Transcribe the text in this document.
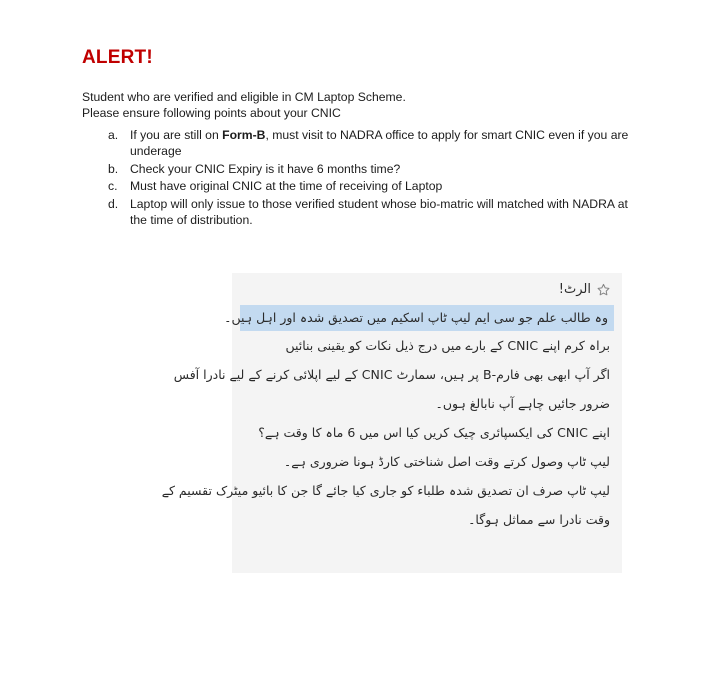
ALERT!

Student who are verified and eligible in CM Laptop Scheme.

Please ensure following points about your CNIC

a. If you are still on Form-B, must visit to NADRA office to apply for smart CNIC even if you are underage
b. Check your CNIC Expiry is it have 6 months time?
c.	Must have original CNIC at the time of receiving of Laptop
d. Laptop will only issue to those verified student whose bio-matric will matched with NADRA at the time of distribution.
الرٹ!
وہ طالب علم جو سی ایم لیپ ٹاپ اسکیم میں تصدیق شدہ اور اہل ہیں۔
براہ کرم اپنے CNIC کے بارے میں درج ذیل نکات کو یقینی بنائیں
اگر آپ ابھی بھی فارم-B پر ہیں، سمارٹ CNIC کے لیے اپلائی کرنے کے لیے نادرا آفس
ضرور جائیں چاہے آپ نابالغ ہوں۔
اپنے CNIC کی ایکسپائری چیک کریں کیا اس میں 6 ماہ کا وقت ہے؟
لیپ ٹاپ وصول کرتے وقت اصل شناختی کارڈ ہونا ضروری ہے۔
لیپ ٹاپ صرف ان تصدیق شدہ طلباء کو جاری کیا جائے گا جن کا بائیو میٹرک تقسیم کے
وقت نادرا سے مماثل ہوگا۔
